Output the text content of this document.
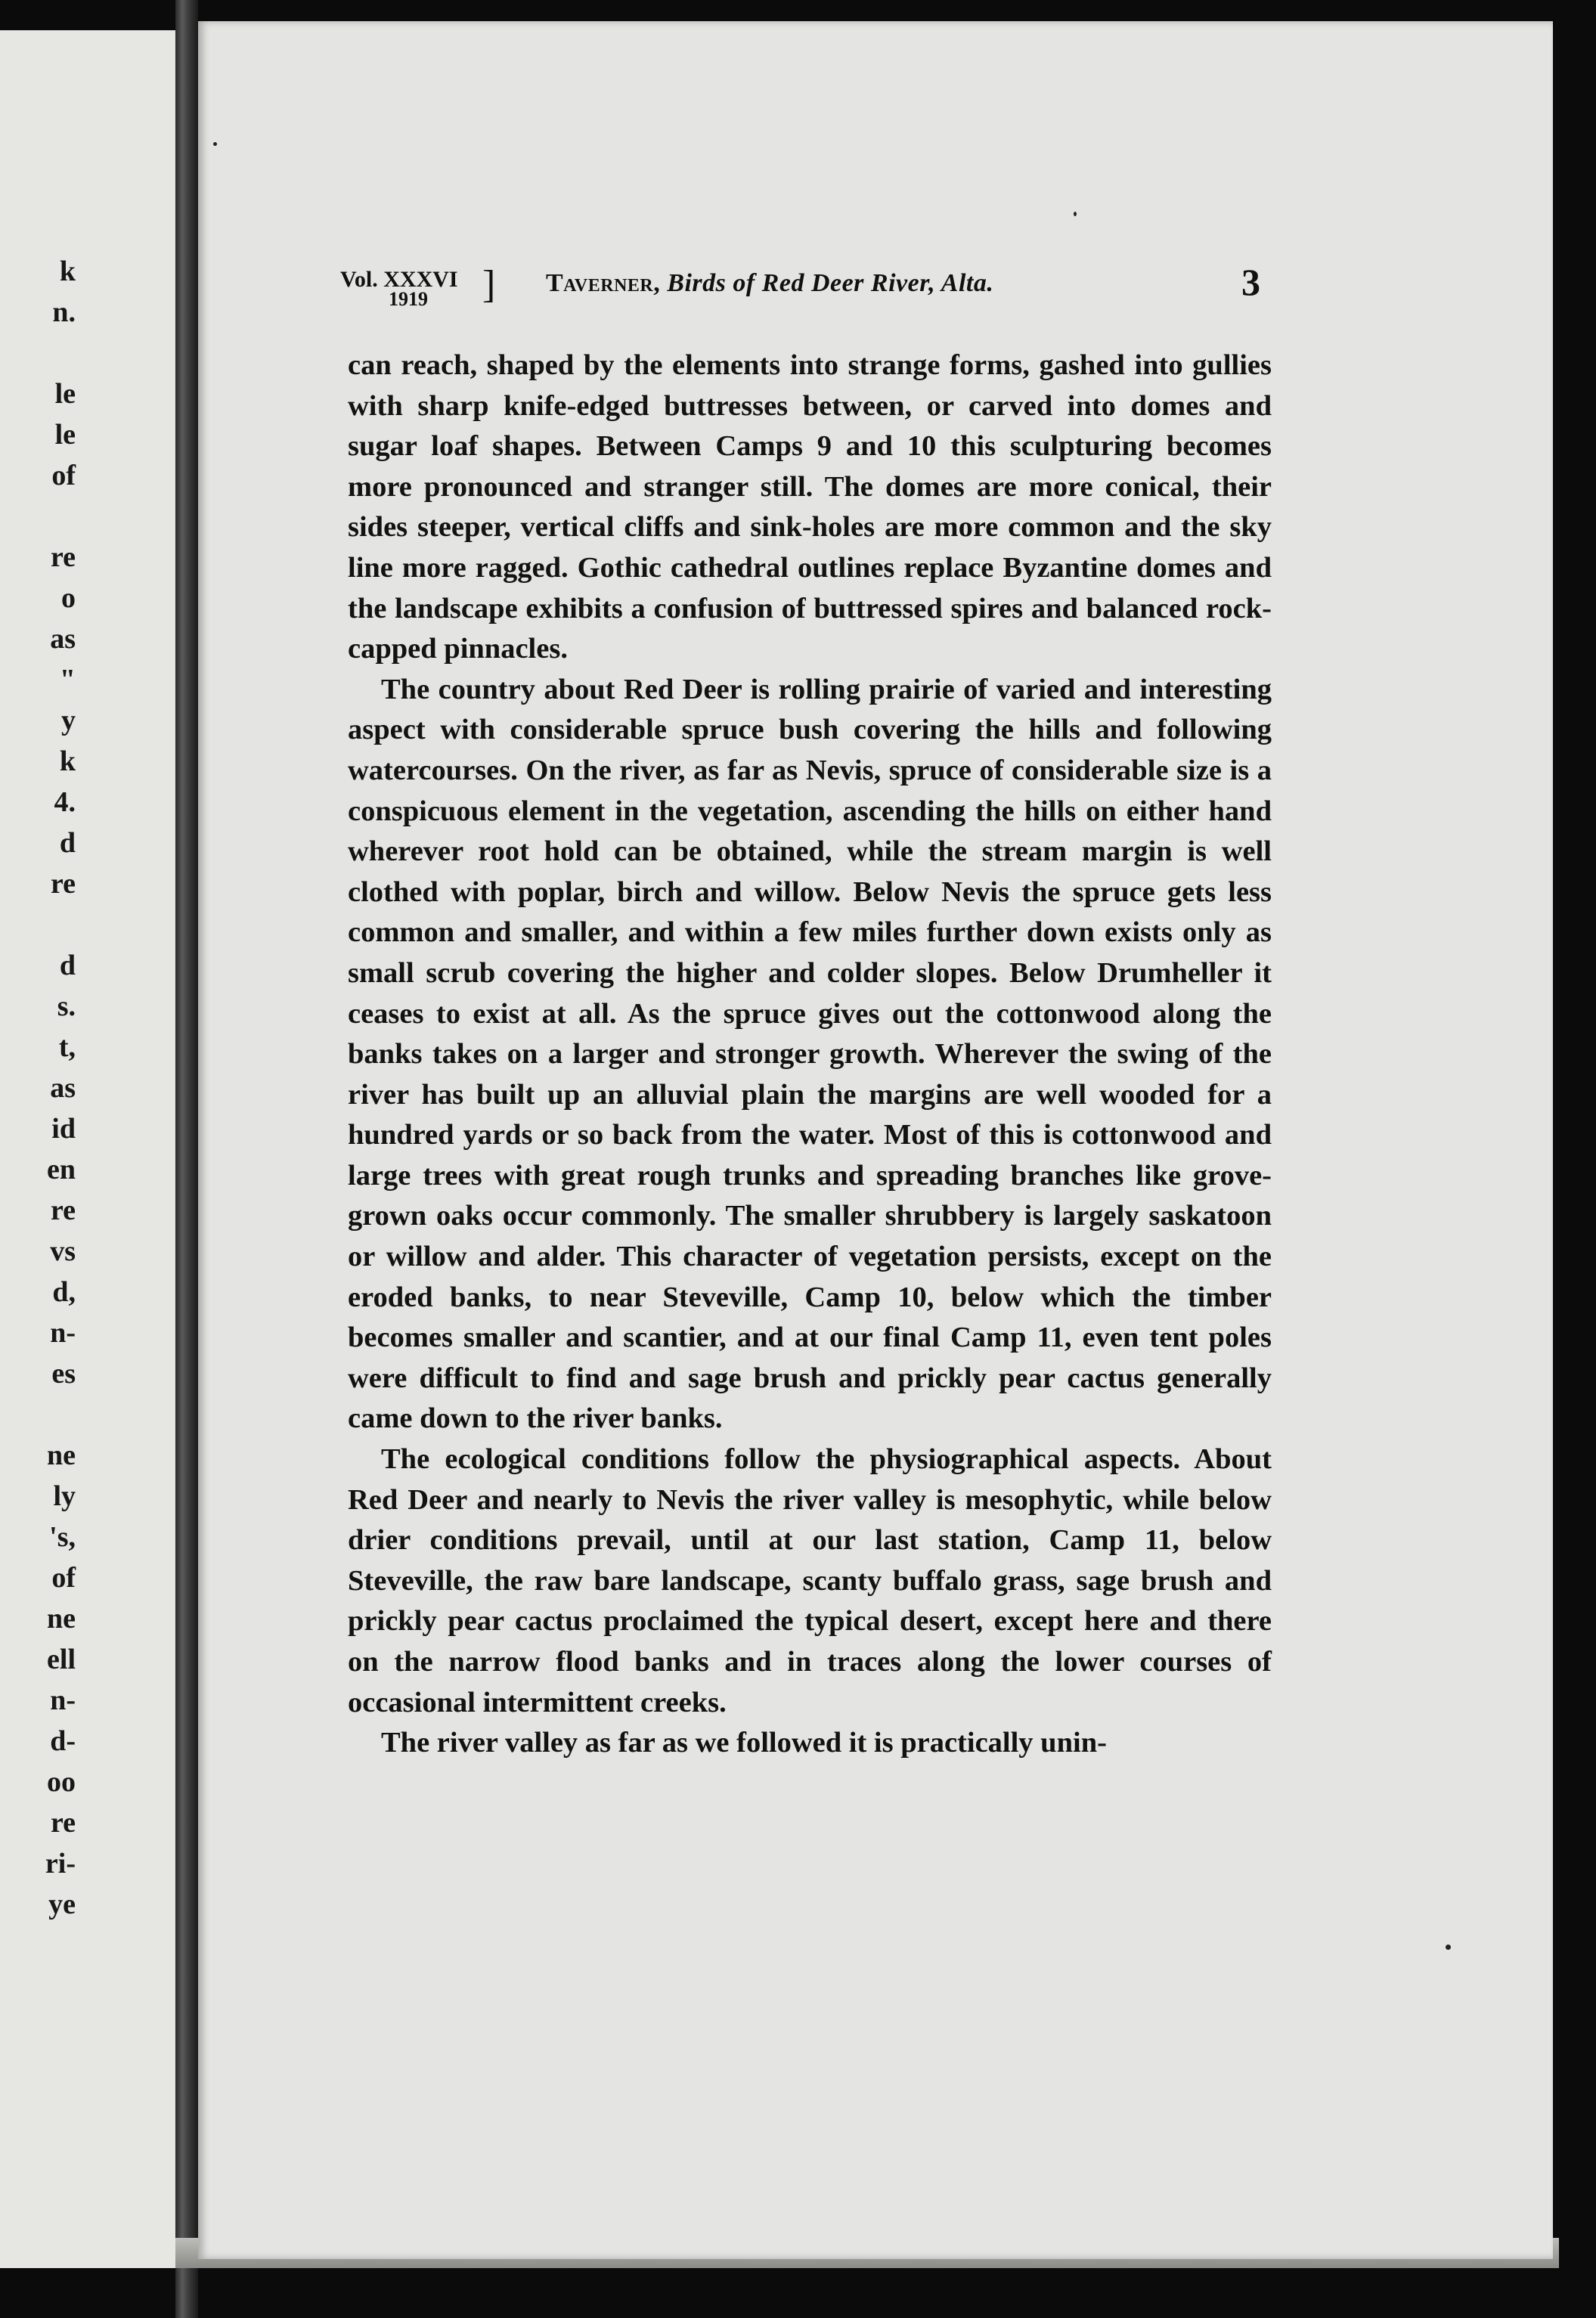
k
n.
le
le
of
re
o
as
"
y
k
4.
d
re
d
s.
t,
as
id
en
re
vs
d,
n-
es
ne
ly
's,
of
ne
ell
n-
d-
oo
re
ri-
ye
Vol. XXXVI
1919 ] Taverner, Birds of Red Deer River, Alta.	3

can reach, shaped by the elements into strange forms, gashed into gullies with sharp knife-edged buttresses between, or carved into domes and sugar loaf shapes. Between Camps 9 and 10 this sculpturing becomes more pronounced and stranger still. The domes are more conical, their sides steeper, vertical cliffs and sink-holes are more common and the sky line more ragged. Gothic cathedral outlines replace Byzantine domes and the landscape exhibits a confusion of buttressed spires and balanced rock-capped pinnacles.

The country about Red Deer is rolling prairie of varied and interesting aspect with considerable spruce bush covering the hills and following watercourses. On the river, as far as Nevis, spruce of considerable size is a conspicuous element in the vegetation, ascending the hills on either hand wherever root hold can be obtained, while the stream margin is well clothed with poplar, birch and willow. Below Nevis the spruce gets less common and smaller, and within a few miles further down exists only as small scrub covering the higher and colder slopes. Below Drumheller it ceases to exist at all. As the spruce gives out the cottonwood along the banks takes on a larger and stronger growth. Wherever the swing of the river has built up an alluvial plain the margins are well wooded for a hundred yards or so back from the water. Most of this is cottonwood and large trees with great rough trunks and spreading branches like grove-grown oaks occur commonly. The smaller shrubbery is largely saskatoon or willow and alder. This character of vegetation persists, except on the eroded banks, to near Steveville, Camp 10, below which the timber becomes smaller and scantier, and at our final Camp 11, even tent poles were difficult to find and sage brush and prickly pear cactus generally came down to the river banks.

The ecological conditions follow the physiographical aspects. About Red Deer and nearly to Nevis the river valley is mesophytic, while below drier conditions prevail, until at our last station, Camp 11, below Steveville, the raw bare landscape, scanty buffalo grass, sage brush and prickly pear cactus proclaimed the typical desert, except here and there on the narrow flood banks and in traces along the lower courses of occasional intermittent creeks.

The river valley as far as we followed it is practically unin-
